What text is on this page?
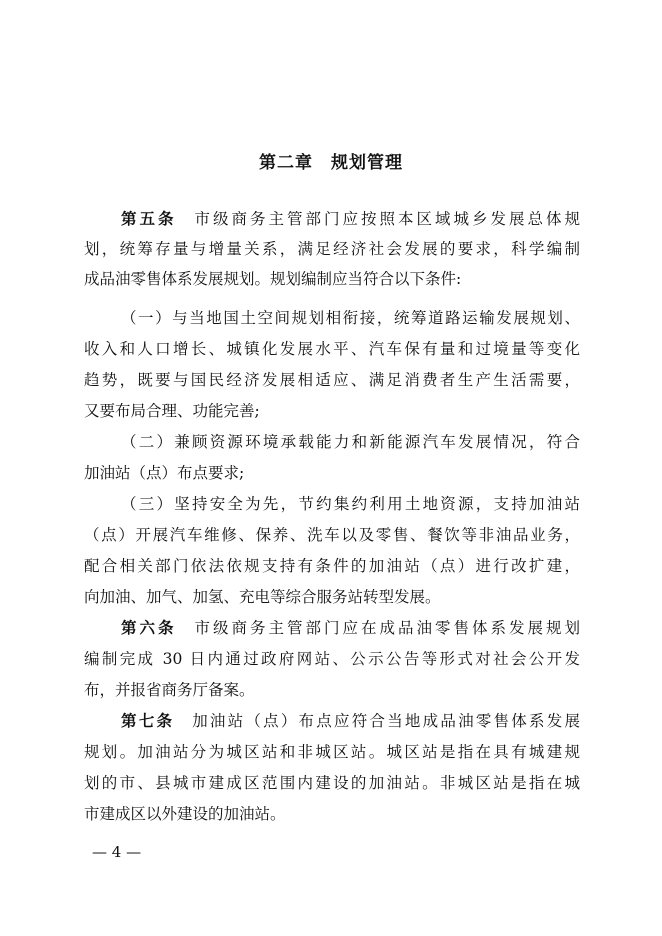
第二章　规划管理
第五条 市级商务主管部门应按照本区域城乡发展总体规
划，统筹存量与增量关系，满足经济社会发展的要求，科学编制
成品油零售体系发展规划。规划编制应当符合以下条件:
（一）与当地国土空间规划相衔接，统筹道路运输发展规划、
收入和人口增长、城镇化发展水平、汽车保有量和过境量等变化
趋势，既要与国民经济发展相适应、满足消费者生产生活需要，
又要布局合理、功能完善;
（二）兼顾资源环境承载能力和新能源汽车发展情况，符合
加油站（点）布点要求;
（三）坚持安全为先，节约集约利用土地资源，支持加油站
（点）开展汽车维修、保养、洗车以及零售、餐饮等非油品业务，
配合相关部门依法依规支持有条件的加油站（点）进行改扩建，
向加油、加气、加氢、充电等综合服务站转型发展。
第六条 市级商务主管部门应在成品油零售体系发展规划
编制完成 30 日内通过政府网站、公示公告等形式对社会公开发
布，并报省商务厅备案。
第七条 加油站（点）布点应符合当地成品油零售体系发展
规划。加油站分为城区站和非城区站。城区站是指在具有城建规
划的市、县城市建成区范围内建设的加油站。非城区站是指在城
市建成区以外建设的加油站。
— 4 —
